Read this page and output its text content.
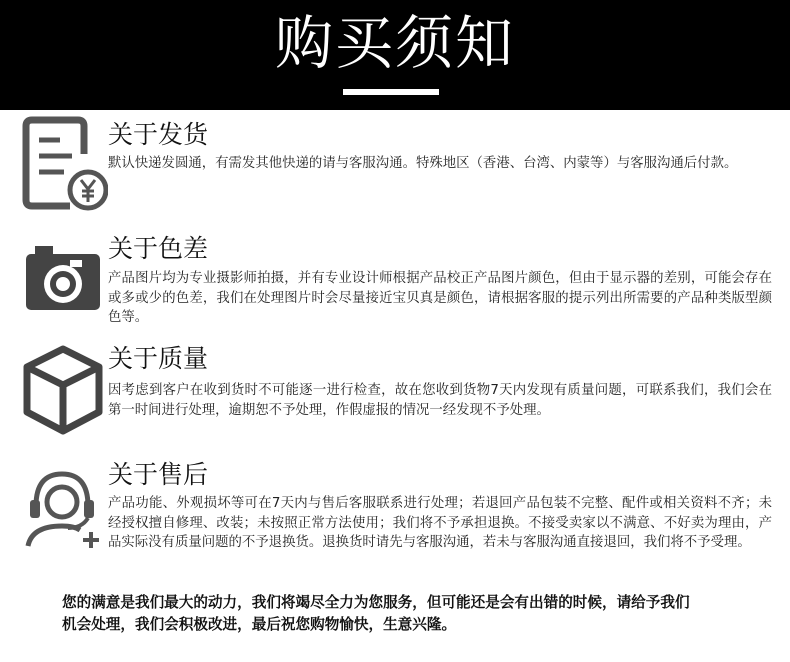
购买须知
关于发货
默认快递发圆通，有需发其他快递的请与客服沟通。特殊地区（香港、台湾、内蒙等）与客服沟通后付款。
关于色差
产品图片均为专业摄影师拍摄，并有专业设计师根据产品校正产品图片颜色，但由于显示器的差别，可能会存在或多或少的色差，我们在处理图片时会尽量接近宝贝真是颜色，请根据客服的提示列出所需要的产品种类版型颜色等。
关于质量
因考虑到客户在收到货时不可能逐一进行检查，故在您收到货物7天内发现有质量问题，可联系我们，我们会在第一时间进行处理，逾期恕不予处理，作假虚报的情况一经发现不予处理。
关于售后
产品功能、外观损坏等可在7天内与售后客服联系进行处理；若退回产品包装不完整、配件或相关资料不齐；未经授权擅自修理、改装；未按照正常方法使用；我们将不予承担退换。不接受卖家以不满意、不好卖为理由，产品实际没有质量问题的不予退换货。退换货时请先与客服沟通，若未与客服沟通直接退回，我们将不予受理。
您的满意是我们最大的动力，我们将竭尽全力为您服务，但可能还是会有出错的时候，请给予我们机会处理，我们会积极改进，最后祝您购物愉快，生意兴隆。
